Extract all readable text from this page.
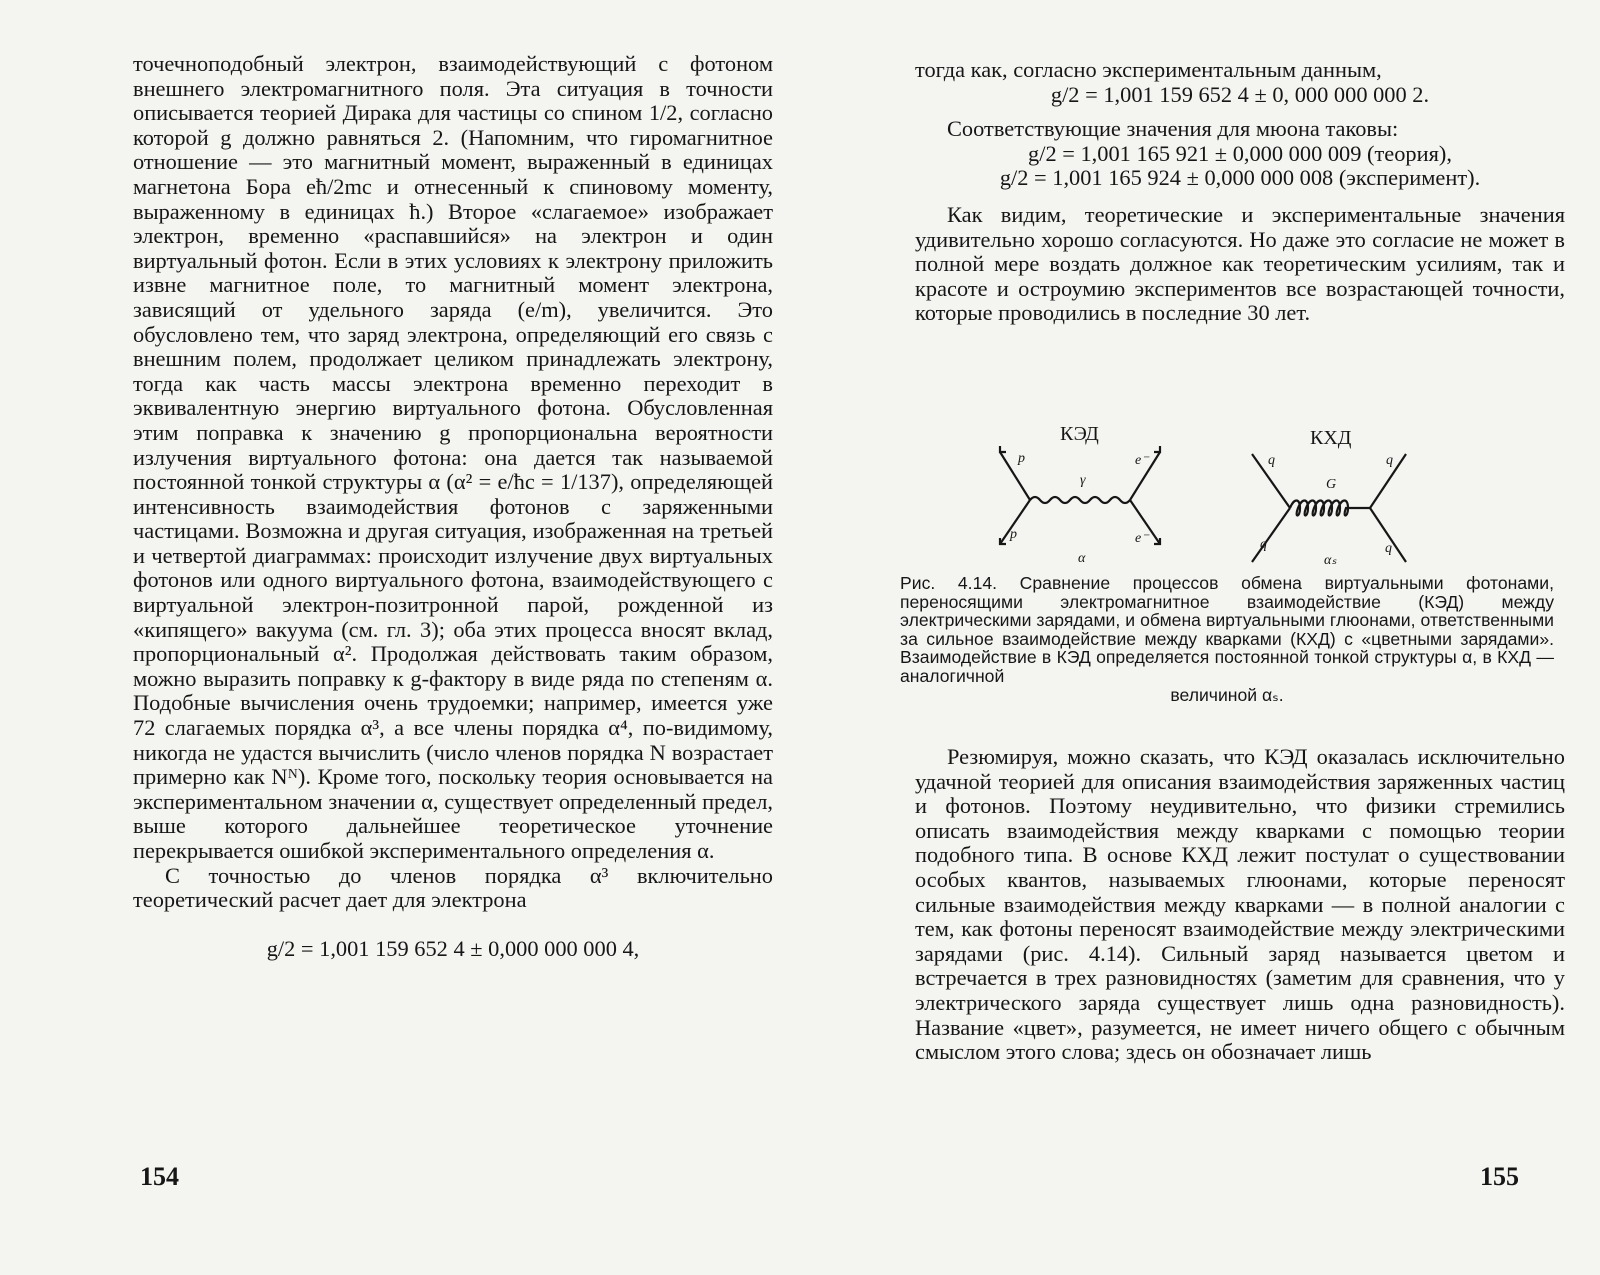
точечноподобный электрон, взаимодействующий с фотоном внешнего электромагнитного поля. Эта ситуация в точности описывается теорией Дирака для частицы со спином 1/2, согласно которой g должно равняться 2. (Напомним, что гиромагнитное отношение — это магнитный момент, выраженный в единицах магнетона Бора eħ/2mc и отнесенный к спиновому моменту, выраженному в единицах ħ.) Второе «слагаемое» изображает электрон, временно «распавшийся» на электрон и один виртуальный фотон. Если в этих условиях к электрону приложить извне магнитное поле, то магнитный момент электрона, зависящий от удельного заряда (e/m), увеличится. Это обусловлено тем, что заряд электрона, определяющий его связь с внешним полем, продолжает целиком принадлежать электрону, тогда как часть массы электрона временно переходит в эквивалентную энергию виртуального фотона. Обусловленная этим поправка к значению g пропорциональна вероятности излучения виртуального фотона: она дается так называемой постоянной тонкой структуры α (α² = e/ħc = 1/137), определяющей интенсивность взаимодействия фотонов с заряженными частицами. Возможна и другая ситуация, изображенная на третьей и четвертой диаграммах: происходит излучение двух виртуальных фотонов или одного виртуального фотона, взаимодействующего с виртуальной электрон-позитронной парой, рожденной из «кипящего» вакуума (см. гл. 3); оба этих процесса вносят вклад, пропорциональный α². Продолжая действовать таким образом, можно выразить поправку к g-фактору в виде ряда по степеням α. Подобные вычисления очень трудоемки; например, имеется уже 72 слагаемых порядка α³, а все члены порядка α⁴, по-видимому, никогда не удастся вычислить (число членов порядка N возрастает примерно как Nᴺ). Кроме того, поскольку теория основывается на экспериментальном значении α, существует определенный предел, выше которого дальнейшее теоретическое уточнение перекрывается ошибкой экспериментального определения α.

С точностью до членов порядка α³ включительно теоретический расчет дает для электрона

g/2 = 1,001 159 652 4 ± 0,000 000 000 4,

154

тогда как, согласно экспериментальным данным,

g/2 = 1,001 159 652 4 ± 0, 000 000 000 2.

Соответствующие значения для мюона таковы:

g/2 = 1,001 165 921 ± 0,000 000 009 (теория),

g/2 = 1,001 165 924 ± 0,000 000 008 (эксперимент).

Как видим, теоретические и экспериментальные значения удивительно хорошо согласуются. Но даже это согласие не может в полной мере воздать должное как теоретическим усилиям, так и красоте и остроумию экспериментов все возрастающей точности, которые проводились в последние 30 лет.

КЭД	КХД
p
p
e⁻
e⁻
γ
α
q	q
q	q
G
αₛ
Рис. 4.14. Сравнение процессов обмена виртуальными фотонами, переносящими электромагнитное взаимодействие (КЭД) между электрическими зарядами, и обмена виртуальными глюонами, ответственными за сильное взаимодействие между кварками (КХД) с «цветными зарядами». Взаимодействие в КЭД определяется постоянной тонкой структуры α, в КХД — аналогичной
величиной αₛ.

Резюмируя, можно сказать, что КЭД оказалась исключительно удачной теорией для описания взаимодействия заряженных частиц и фотонов. Поэтому неудивительно, что физики стремились описать взаимодействия между кварками с помощью теории подобного типа. В основе КХД лежит постулат о существовании особых квантов, называемых глюонами, которые переносят сильные взаимодействия между кварками — в полной аналогии с тем, как фотоны переносят взаимодействие между электрическими зарядами (рис. 4.14). Сильный заряд называется цветом и встречается в трех разновидностях (заметим для сравнения, что у электрического заряда существует лишь одна разновидность). Название «цвет», разумеется, не имеет ничего общего с обычным смыслом этого слова; здесь он обозначает лишь

155
